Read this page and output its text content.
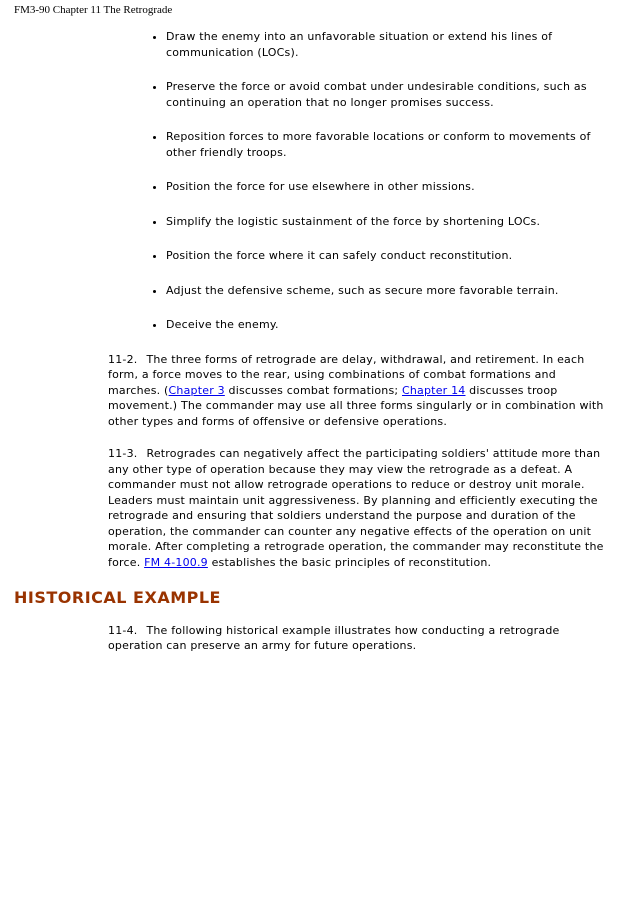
FM3-90 Chapter 11 The Retrograde
• Draw the enemy into an unfavorable situation or extend his lines of communication (LOCs).
• Preserve the force or avoid combat under undesirable conditions, such as continuing an operation that no longer promises success.
• Reposition forces to more favorable locations or conform to movements of other friendly troops.
• Position the force for use elsewhere in other missions.
• Simplify the logistic sustainment of the force by shortening LOCs.
• Position the force where it can safely conduct reconstitution.
• Adjust the defensive scheme, such as secure more favorable terrain.
• Deceive the enemy.

11-2. The three forms of retrograde are delay, withdrawal, and retirement. In each form, a force moves to the rear, using combinations of combat formations and marches. (Chapter 3 discusses combat formations; Chapter 14 discusses troop movement.) The commander may use all three forms singularly or in combination with other types and forms of offensive or defensive operations.

11-3. Retrogrades can negatively affect the participating soldiers' attitude more than any other type of operation because they may view the retrograde as a defeat. A commander must not allow retrograde operations to reduce or destroy unit morale. Leaders must maintain unit aggressiveness. By planning and efficiently executing the retrograde and ensuring that soldiers understand the purpose and duration of the operation, the commander can counter any negative effects of the operation on unit morale. After completing a retrograde operation, the commander may reconstitute the force. FM 4-100.9 establishes the basic principles of reconstitution.

HISTORICAL EXAMPLE

11-4. The following historical example illustrates how conducting a retrograde operation can preserve an army for future operations.
